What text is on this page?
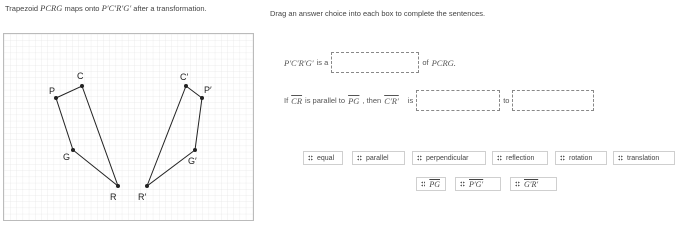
Trapezoid PCRG maps onto P′C′R′G′ after a transformation.
Drag an answer choice into each box to complete the sentences.
P
C
R
G
P′
C′
R′
G′
P′C′R′G′ is a	of PCRG.
If $\overline{CR}$ is parallel to $\overline{PG}$ , then C′R′ is	to
equal	parallel	perpendicular	reflection	rotation	translation
$\overline{PG}$	P′G′	G′R′
